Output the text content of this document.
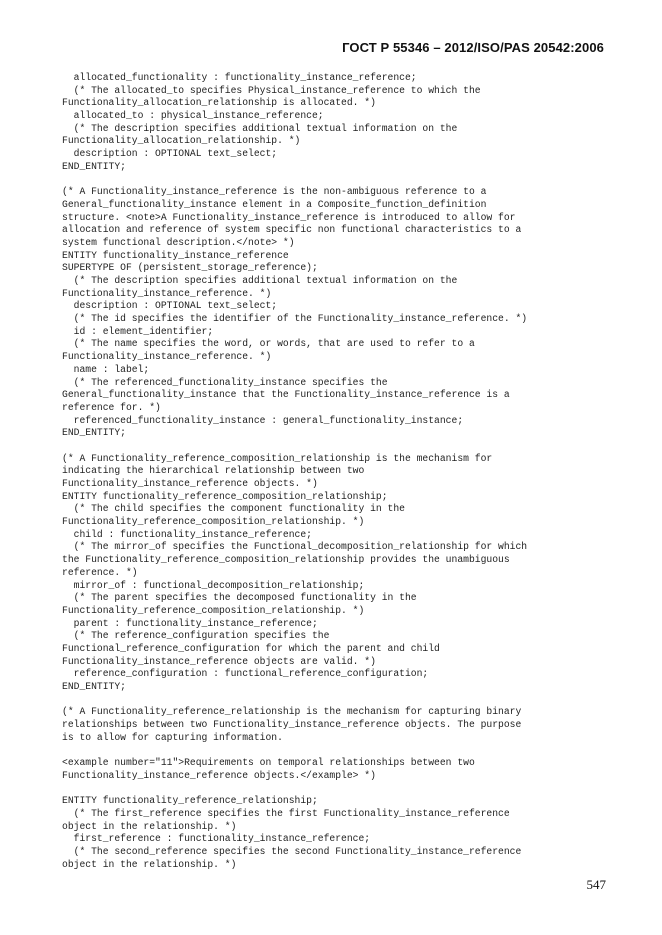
ГОСТ Р 55346 – 2012/ISO/PAS 20542:2006
allocated_functionality : functionality_instance_reference;
(* The allocated_to specifies Physical_instance_reference to which the
Functionality_allocation_relationship is allocated. *)
allocated_to : physical_instance_reference;
(* The description specifies additional textual information on the
Functionality_allocation_relationship. *)
description : OPTIONAL text_select;
END_ENTITY;
(* A Functionality_instance_reference is the non-ambiguous reference to a
General_functionality_instance element in a Composite_function_definition
structure. <note>A Functionality_instance_reference is introduced to allow for
allocation and reference of system specific non functional characteristics to a
system functional description.</note> *)
ENTITY functionality_instance_reference
SUPERTYPE OF (persistent_storage_reference);
(* The description specifies additional textual information on the
Functionality_instance_reference. *)
description : OPTIONAL text_select;
(* The id specifies the identifier of the Functionality_instance_reference. *)
id : element_identifier;
(* The name specifies the word, or words, that are used to refer to a
Functionality_instance_reference. *)
name : label;
(* The referenced_functionality_instance specifies the
General_functionality_instance that the Functionality_instance_reference is a
reference for. *)
referenced_functionality_instance : general_functionality_instance;
END_ENTITY;
(* A Functionality_reference_composition_relationship is the mechanism for
indicating the hierarchical relationship between two
Functionality_instance_reference objects. *)
ENTITY functionality_reference_composition_relationship;
(* The child specifies the component functionality in the
Functionality_reference_composition_relationship. *)
child : functionality_instance_reference;
(* The mirror_of specifies the Functional_decomposition_relationship for which
the Functionality_reference_composition_relationship provides the unambiguous
reference. *)
mirror_of : functional_decomposition_relationship;
(* The parent specifies the decomposed functionality in the
Functionality_reference_composition_relationship. *)
parent : functionality_instance_reference;
(* The reference_configuration specifies the
Functional_reference_configuration for which the parent and child
Functionality_instance_reference objects are valid. *)
reference_configuration : functional_reference_configuration;
END_ENTITY;
(* A Functionality_reference_relationship is the mechanism for capturing binary
relationships between two Functionality_instance_reference objects. The purpose
is to allow for capturing information.
<example number="11">Requirements on temporal relationships between two
Functionality_instance_reference objects.</example> *)
ENTITY functionality_reference_relationship;
(* The first_reference specifies the first Functionality_instance_reference
object in the relationship. *)
first_reference : functionality_instance_reference;
(* The second_reference specifies the second Functionality_instance_reference
object in the relationship. *)
547
